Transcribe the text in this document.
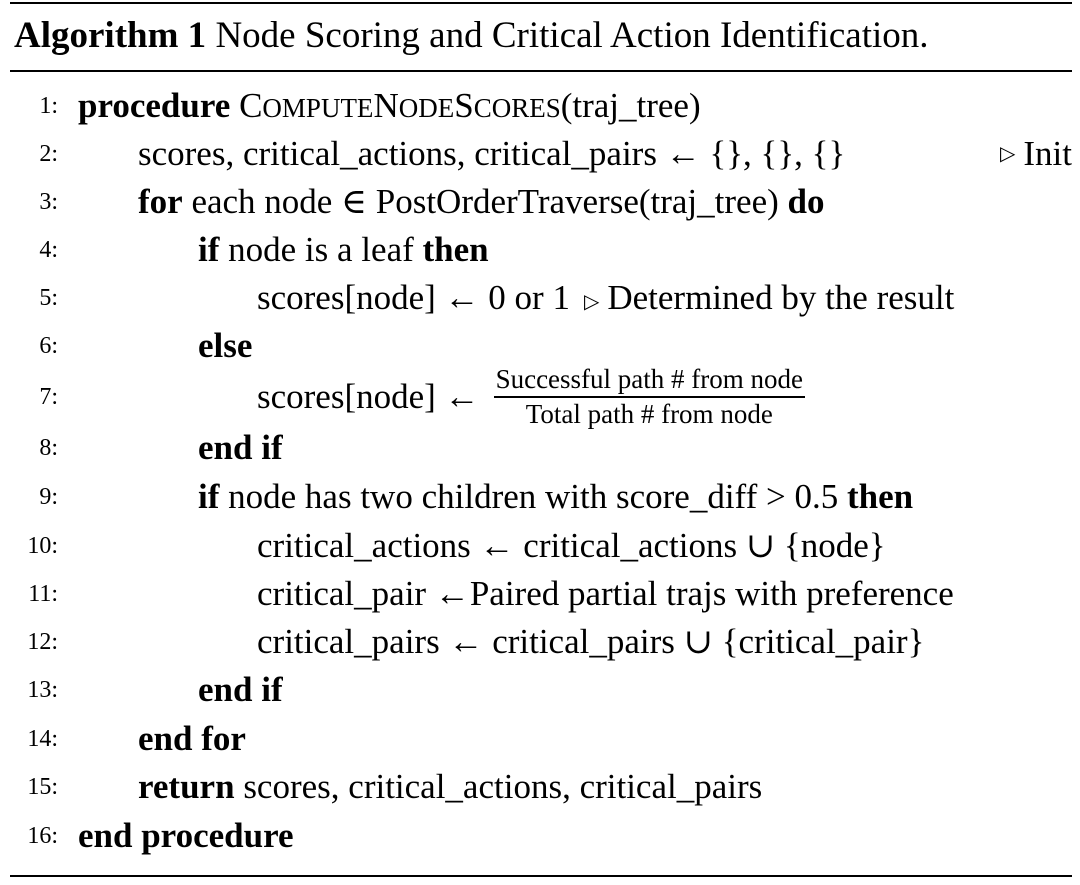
Algorithm 1 Node Scoring and Critical Action Identification.
1: procedure
COMPUTENODESCORES (traj_tree)
2: scores, critical_actions, critical_pairs ← {}, {}, {}	▷ Init
3: for each node ∈ PostOrderTraverse(traj_tree) do
4:	if node is a leaf then
5:	scores[node] ← 0 or 1 ▷ Determined by the result
6:	else
7:	scores[node] ← $\frac{\text{Successful path \# from node}}{\text{Total path \# from node}}$
8:	end if
9:	if node has two children with score_diff > 0.5 then
10:	critical_actions ← critical_actions ∪ {node}
11:	critical_pair ←Paired partial trajs with preference
12:	critical_pairs ← critical_pairs ∪ {critical_pair}
13:	end if
14: end for
15: return scores, critical_actions, critical_pairs
16: end procedure
